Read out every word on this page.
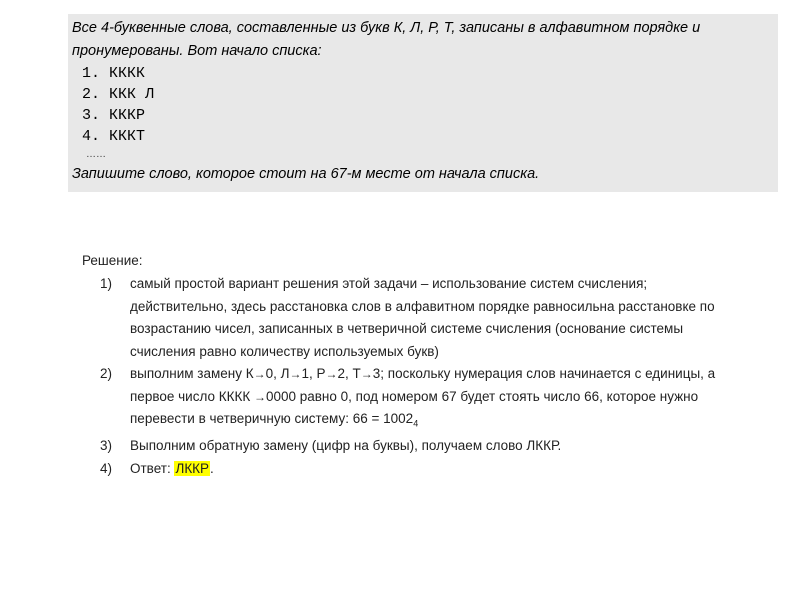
Все 4-буквенные слова, составленные из букв К, Л, Р, Т, записаны в алфавитном порядке и
пронумерованы. Вот начало списка:
1. КККК
2. ККК Л
3. КККР
4. КККТ
……
Запишите слово, которое стоит на 67-м месте от начала списка.
Решение:
1)	самый простой вариант решения этой задачи – использование систем счисления;
действительно, здесь расстановка слов в алфавитном порядке равносильна расстановке по
возрастанию чисел, записанных в четверичной системе счисления (основание системы
счисления равно количеству используемых букв)
2)	выполним замену К→0, Л→1, Р→2, Т→3; поскольку нумерация слов начинается с единицы, а
первое число КККК →0000 равно 0, под номером 67 будет стоять число 66, которое нужно
перевести в четверичную систему: $66 = 1002_4$
3)	Выполним обратную замену (цифр на буквы), получаем слово ЛККР.
4)	Ответ: ЛККР.
